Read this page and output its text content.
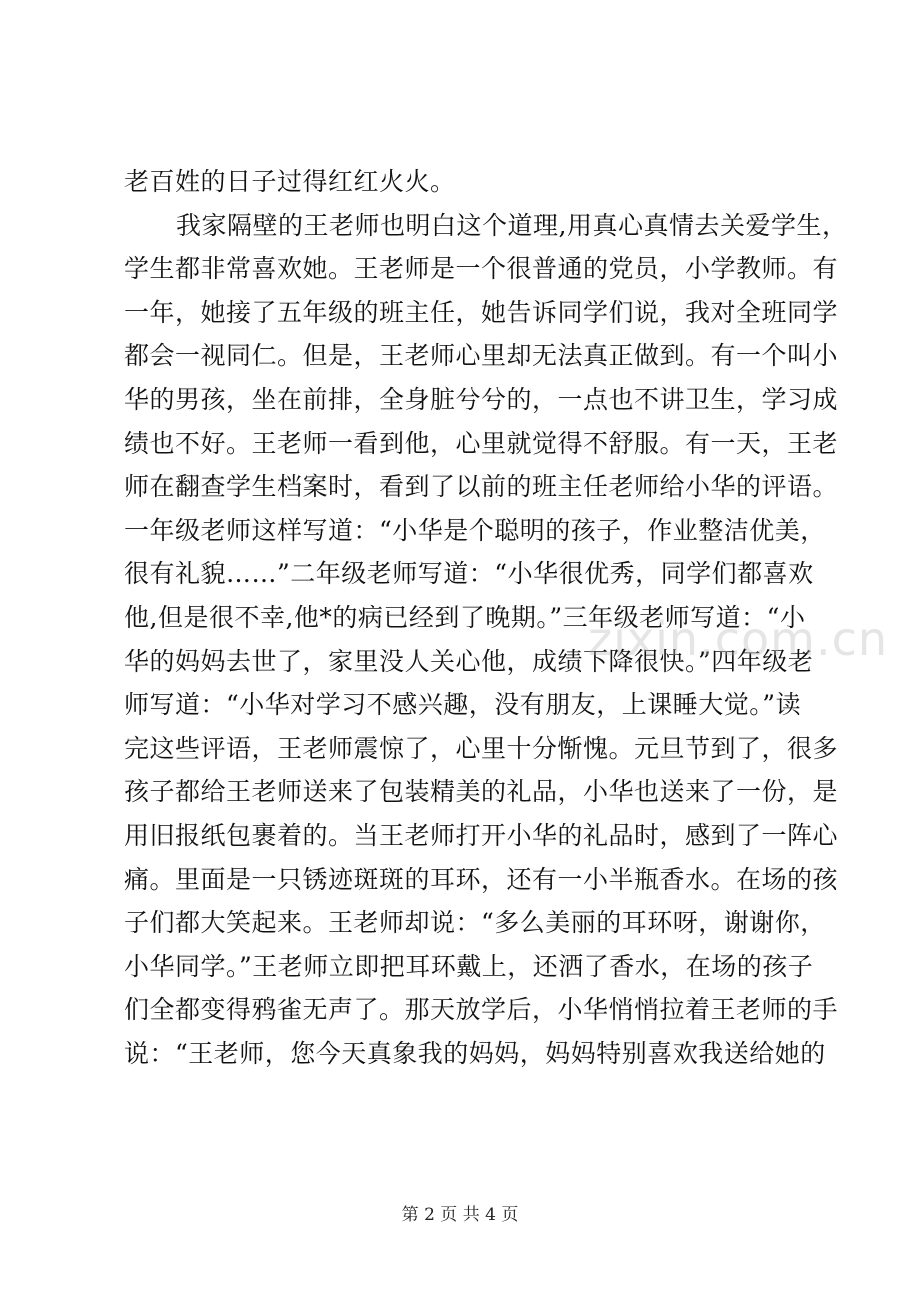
老百姓的日子过得红红火火。
我家隔壁的王老师也明白这个道理,用真心真情去关爱学生，
学生都非常喜欢她。王老师是一个很普通的党员，小学教师。有
一年，她接了五年级的班主任，她告诉同学们说，我对全班同学
都会一视同仁。但是，王老师心里却无法真正做到。有一个叫小
华的男孩，坐在前排，全身脏兮兮的，一点也不讲卫生，学习成
绩也不好。王老师一看到他，心里就觉得不舒服。有一天，王老
师在翻查学生档案时，看到了以前的班主任老师给小华的评语。
一年级老师这样写道：“小华是个聪明的孩子，作业整洁优美，
很有礼貌……”二年级老师写道：“小华很优秀，同学们都喜欢
他,但是很不幸,他*的病已经到了晚期。”三年级老师写道：“小
华的妈妈去世了，家里没人关心他，成绩下降很快。”四年级老
师写道：“小华对学习不感兴趣，没有朋友，上课睡大觉。”读
完这些评语，王老师震惊了，心里十分惭愧。元旦节到了，很多
孩子都给王老师送来了包装精美的礼品，小华也送来了一份，是
用旧报纸包裹着的。当王老师打开小华的礼品时，感到了一阵心
痛。里面是一只锈迹斑斑的耳环，还有一小半瓶香水。在场的孩
子们都大笑起来。王老师却说：“多么美丽的耳环呀，谢谢你，
小华同学。”王老师立即把耳环戴上，还洒了香水，在场的孩子
们全都变得鸦雀无声了。那天放学后，小华悄悄拉着王老师的手
说：“王老师，您今天真象我的妈妈，妈妈特别喜欢我送给她的
zixin.com.cn
第 2 页 共 4 页
